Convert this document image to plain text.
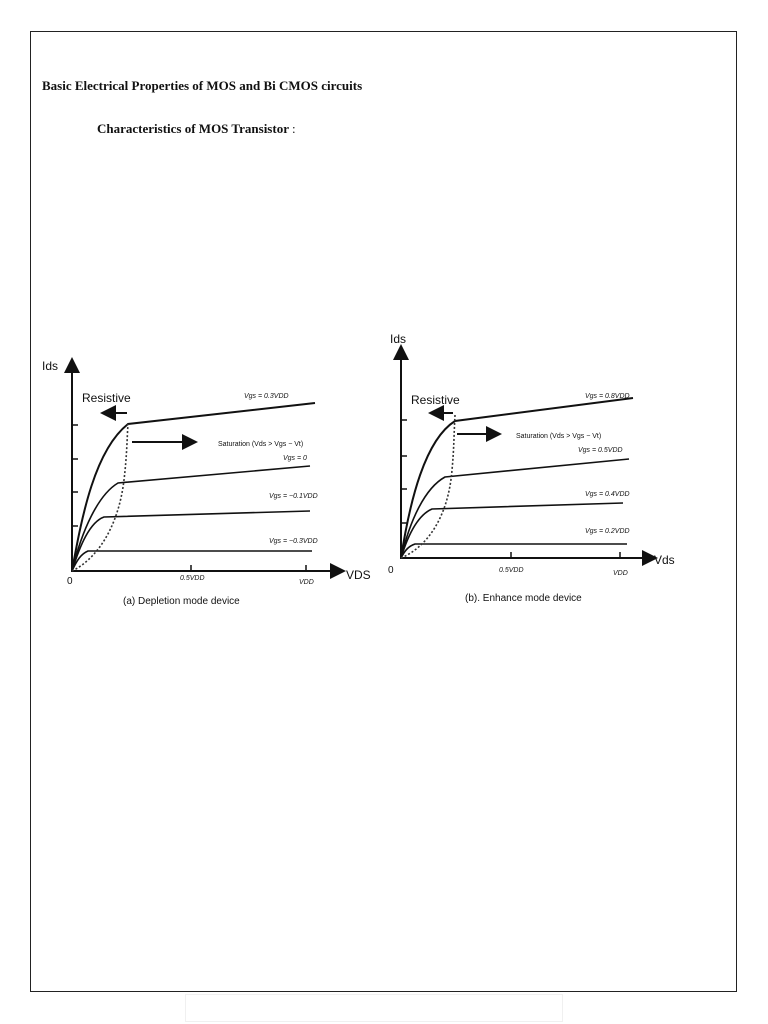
Basic Electrical Properties of MOS and Bi CMOS circuits
Characteristics of MOS Transistor :
Ids
Resistive
Saturation (Vds > Vgs − Vt)
Vgs = 0.3VDD
Vgs = 0
Vgs = −0.1VDD
Vgs = −0.3VDD
0	0.5VDD
VDD
VDS
(a) Depletion mode device
Ids
Resistive
Saturation (Vds > Vgs − Vt)
Vgs = 0.8VDD
Vgs = 0.5VDD
Vgs = 0.4VDD
Vgs = 0.2VDD
0	0.5VDD	VDD
Vds
(b). Enhance mode device
